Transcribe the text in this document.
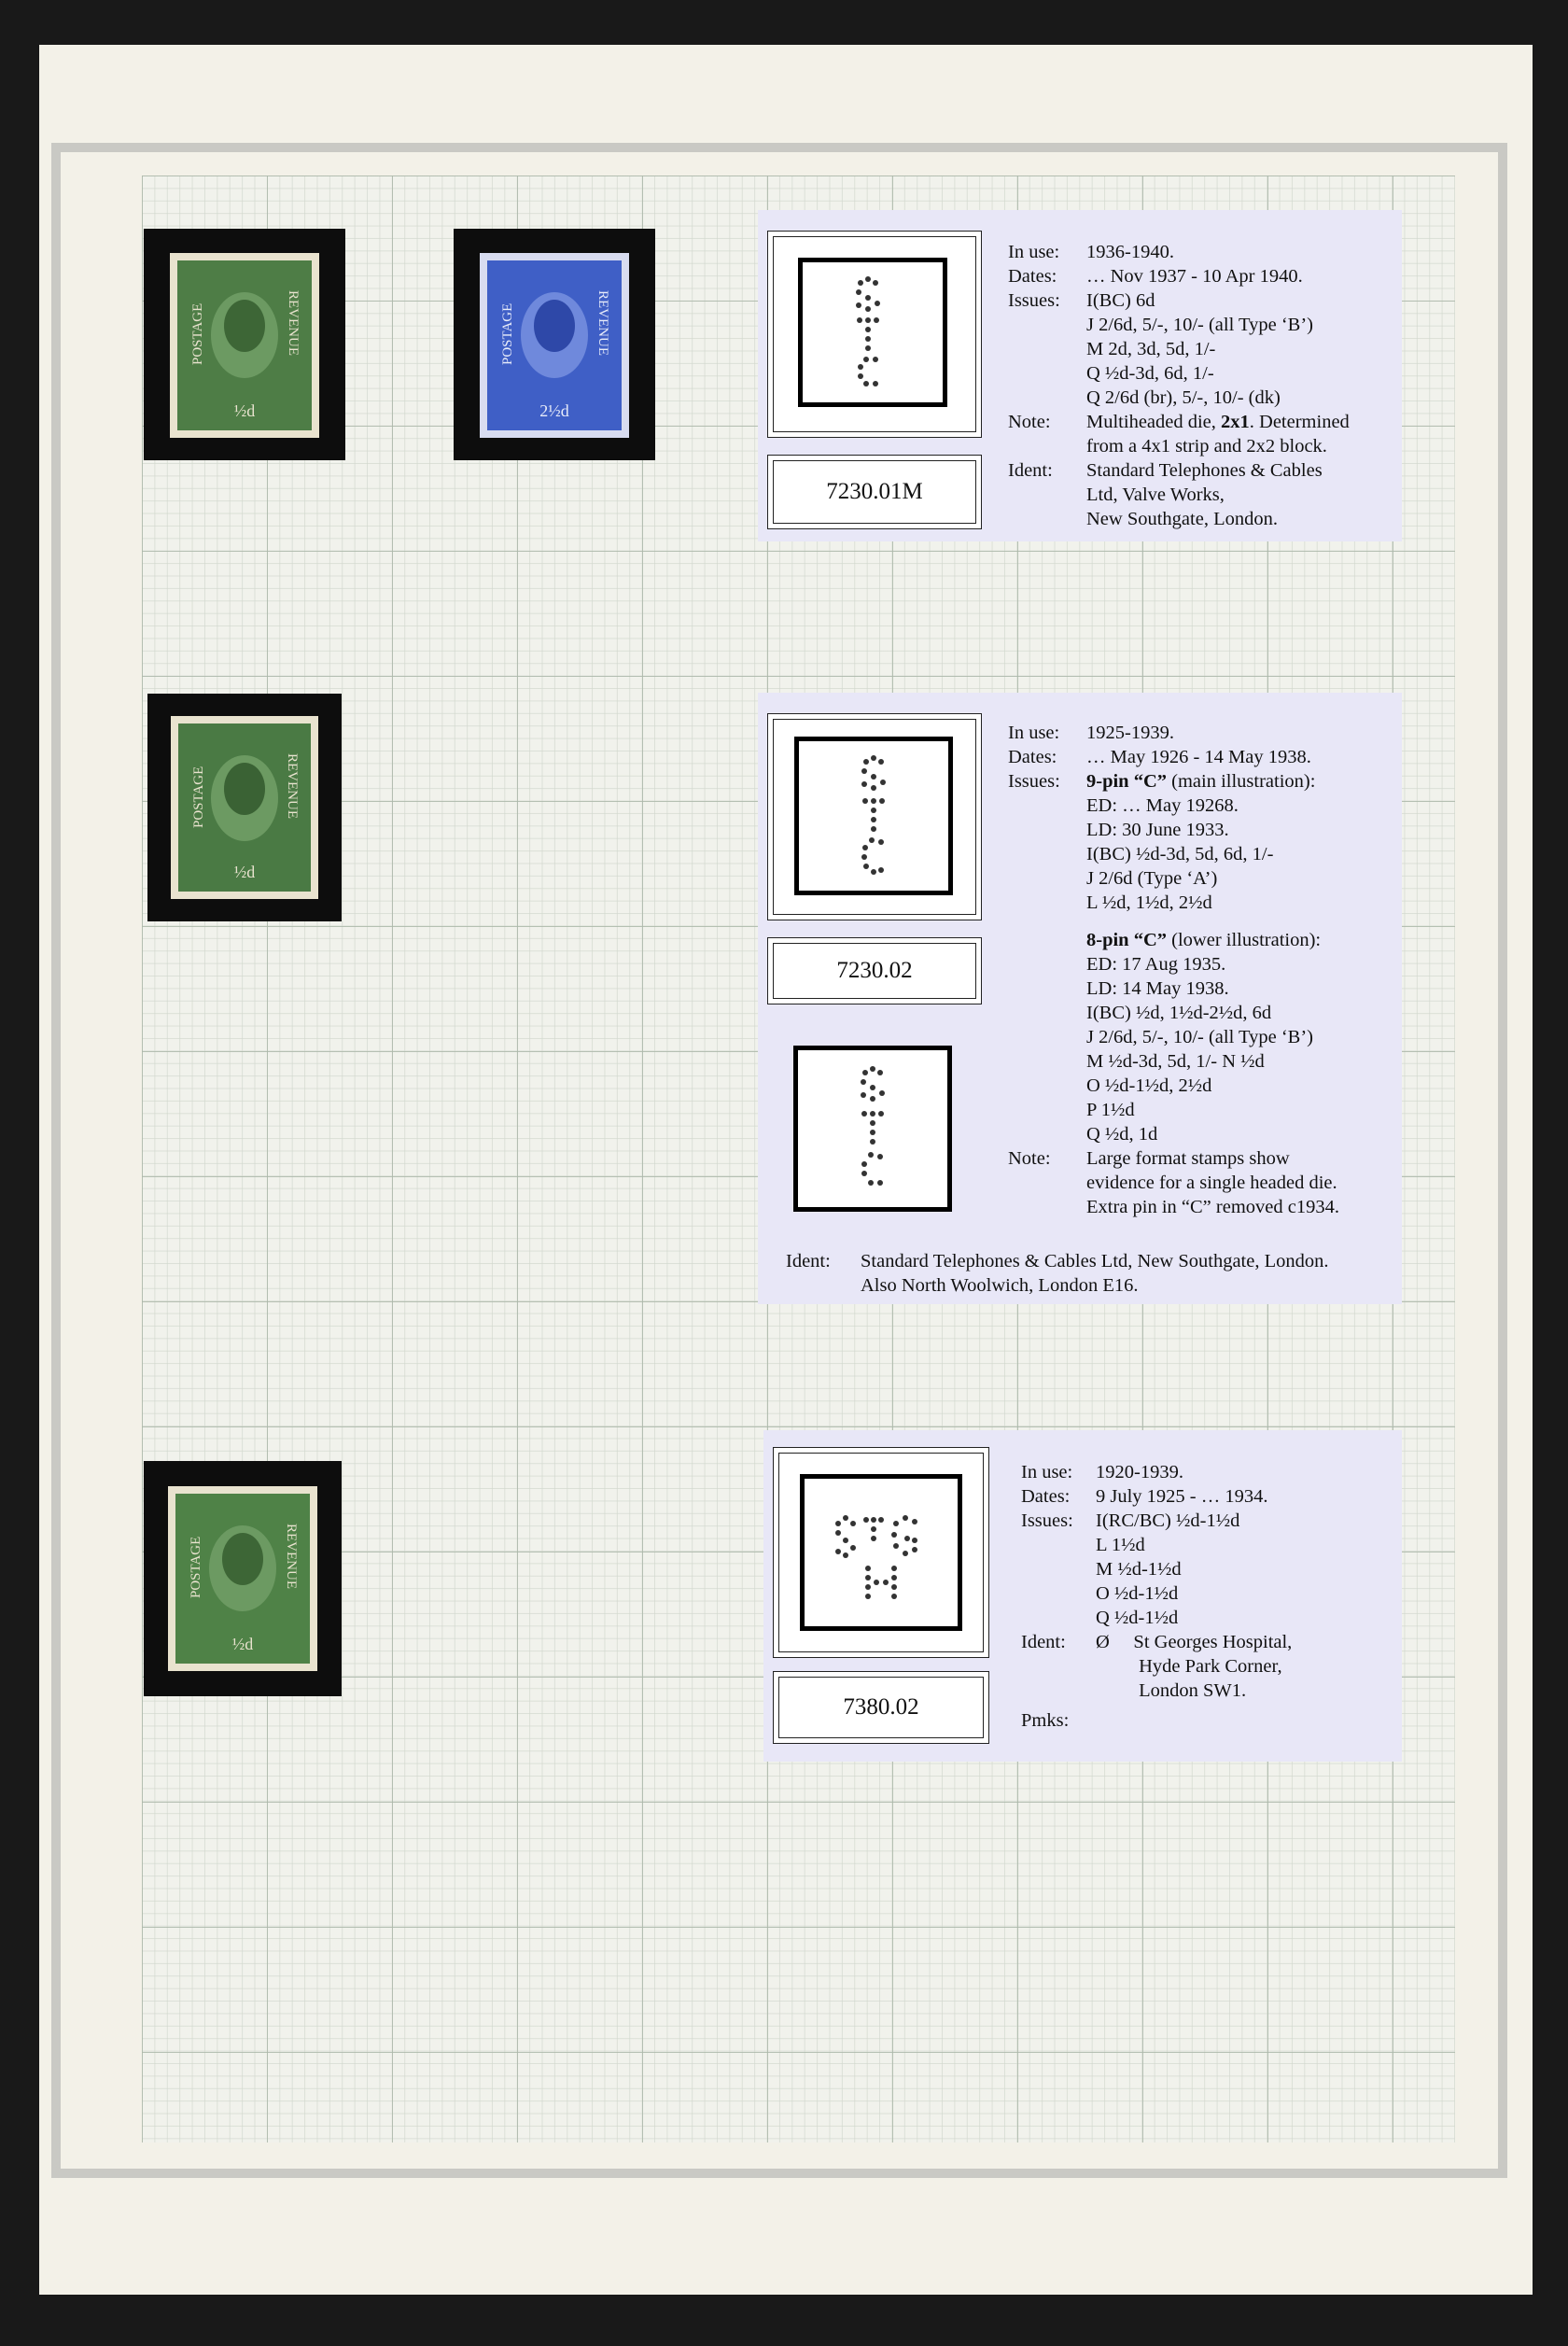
POSTAGE	REVENUE
½d
POSTAGE	REVENUE
2½d
POSTAGE	REVENUE
½d
POSTAGE	REVENUE
½d
7230.01M
In use:	1936-1940.
Dates:	… Nov 1937 - 10 Apr 1940.
Issues:	I(BC) 6d
J 2/6d, 5/-, 10/- (all Type ‘B’)
M 2d, 3d, 5d, 1/-
Q ½d-3d, 6d, 1/-
Q 2/6d (br), 5/-, 10/- (dk)
Note:	Multiheaded die, 2x1. Determined
from a 4x1 strip and 2x2 block.
Ident:	Standard Telephones & Cables
Ltd, Valve Works,
New Southgate, London.
7230.02
In use:	1925-1939.
Dates:	… May 1926 - 14 May 1938.
Issues:	9-pin “C” (main illustration):
ED: … May 19268.
LD: 30 June 1933.
I(BC) ½d-3d, 5d, 6d, 1/-
J 2/6d (Type ‘A’)
L ½d, 1½d, 2½d
8-pin “C” (lower illustration):
ED: 17 Aug 1935.
LD: 14 May 1938.
I(BC) ½d, 1½d-2½d, 6d
J 2/6d, 5/-, 10/- (all Type ‘B’)
M ½d-3d, 5d, 1/- N ½d
O ½d-1½d, 2½d
P 1½d
Q ½d, 1d
Note:	Large format stamps show
evidence for a single headed die.
Extra pin in “C” removed c1934.
Ident:	Standard Telephones & Cables Ltd, New Southgate, London.
Also North Woolwich, London E16.
7380.02
In use:	1920-1939.
Dates:	9 July 1925 - … 1934.
Issues:	I(RC/BC) ½d-1½d
L 1½d
M ½d-1½d
O ½d-1½d
Q ½d-1½d
Ident:	Ø     St Georges Hospital,
Hyde Park Corner,
London SW1.
Pmks:
